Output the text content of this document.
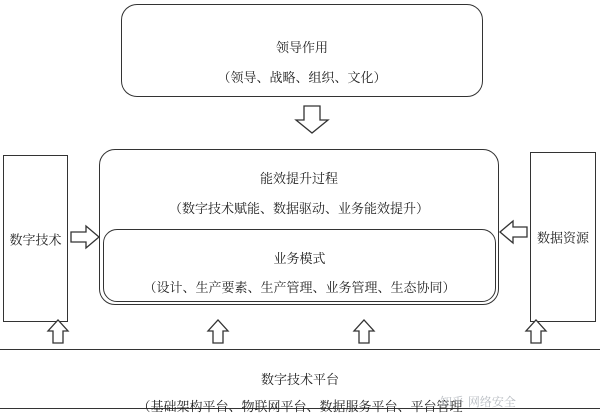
领导作用
（领导、战略、组织、文化）
能效提升过程
（数字技术赋能、数据驱动、业务能效提升）
业务模式
（设计、生产要素、生产管理、业务管理、生态协同）
数字技术	数据资源
数字技术平台
（基础架构平台、物联网平台、数据服务平台、平台管理
知乎 网络安全
